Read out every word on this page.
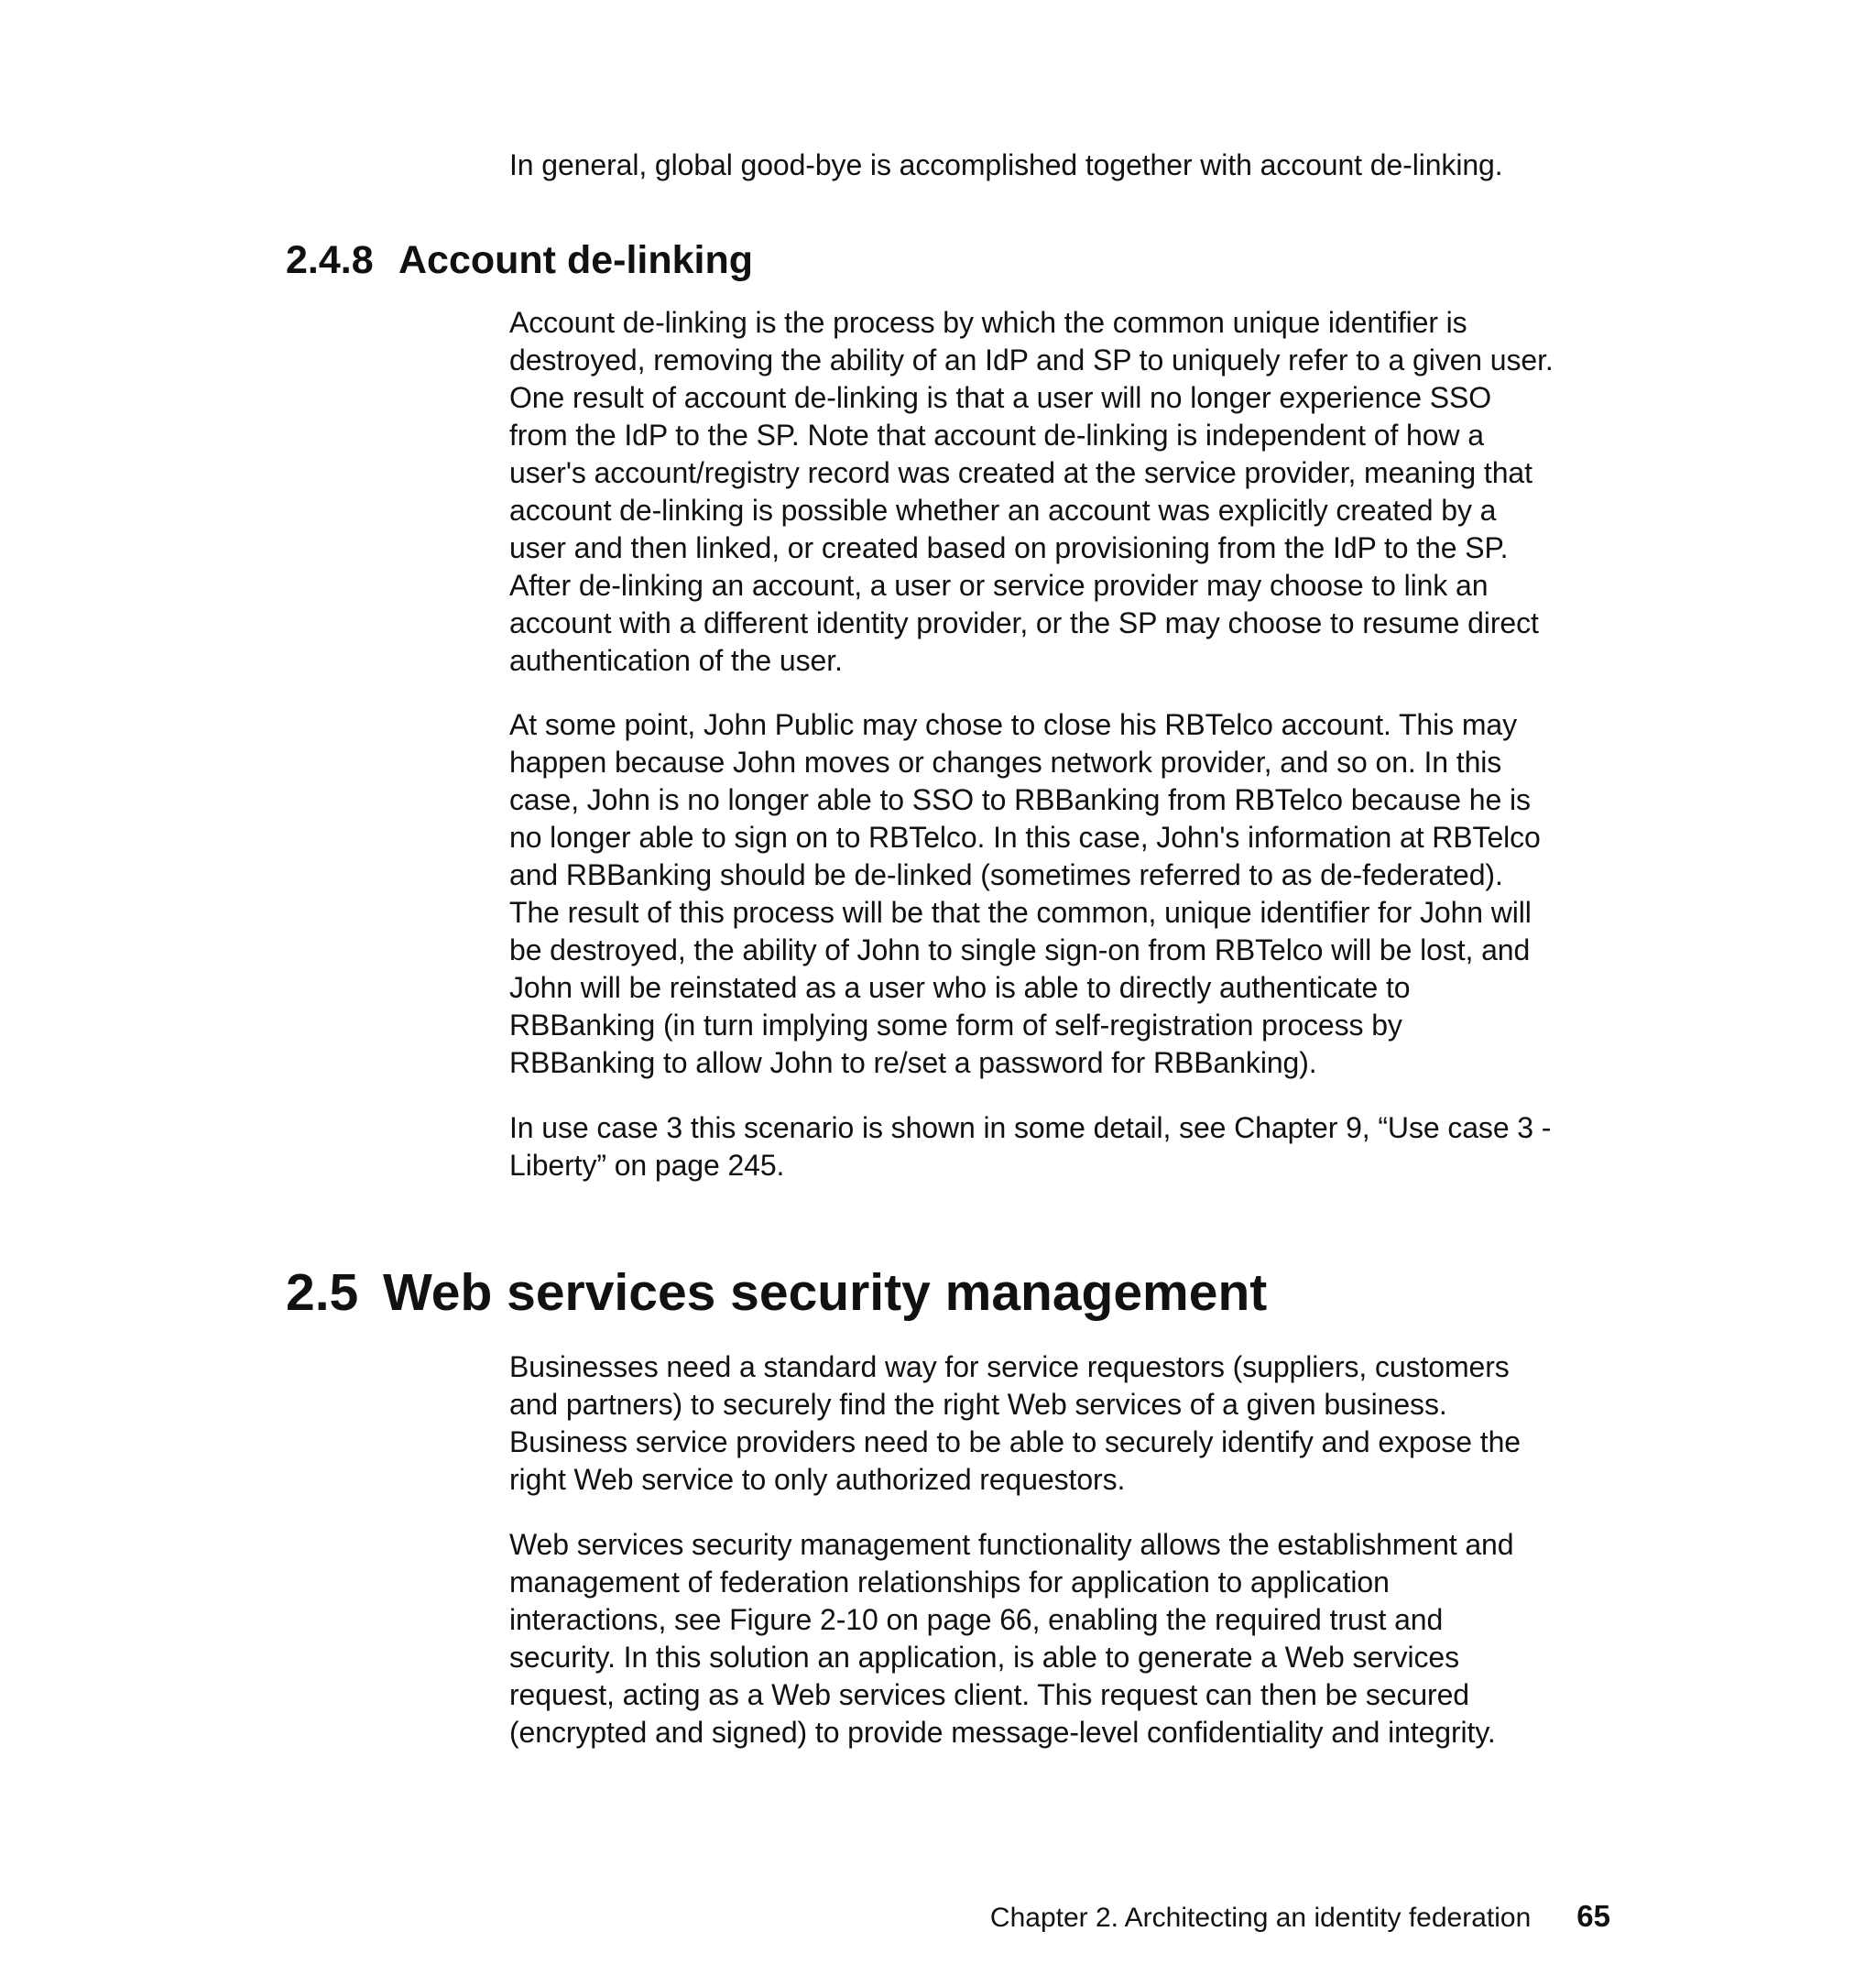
In general, global good-bye is accomplished together with account de-linking.

2.4.8 Account de-linking

Account de-linking is the process by which the common unique identifier is
destroyed, removing the ability of an IdP and SP to uniquely refer to a given user.
One result of account de-linking is that a user will no longer experience SSO
from the IdP to the SP. Note that account de-linking is independent of how a
user's account/registry record was created at the service provider, meaning that
account de-linking is possible whether an account was explicitly created by a
user and then linked, or created based on provisioning from the IdP to the SP.
After de-linking an account, a user or service provider may choose to link an
account with a different identity provider, or the SP may choose to resume direct
authentication of the user.

At some point, John Public may chose to close his RBTelco account. This may
happen because John moves or changes network provider, and so on. In this
case, John is no longer able to SSO to RBBanking from RBTelco because he is
no longer able to sign on to RBTelco. In this case, John's information at RBTelco
and RBBanking should be de-linked (sometimes referred to as de-federated).
The result of this process will be that the common, unique identifier for John will
be destroyed, the ability of John to single sign-on from RBTelco will be lost, and
John will be reinstated as a user who is able to directly authenticate to
RBBanking (in turn implying some form of self-registration process by
RBBanking to allow John to re/set a password for RBBanking).

In use case 3 this scenario is shown in some detail, see Chapter 9, “Use case 3 -
Liberty” on page 245.

2.5 Web services security management

Businesses need a standard way for service requestors (suppliers, customers
and partners) to securely find the right Web services of a given business.
Business service providers need to be able to securely identify and expose the
right Web service to only authorized requestors.

Web services security management functionality allows the establishment and
management of federation relationships for application to application
interactions, see Figure 2-10 on page 66, enabling the required trust and
security. In this solution an application, is able to generate a Web services
request, acting as a Web services client. This request can then be secured
(encrypted and signed) to provide message-level confidentiality and integrity.

Chapter 2. Architecting an identity federation 65
